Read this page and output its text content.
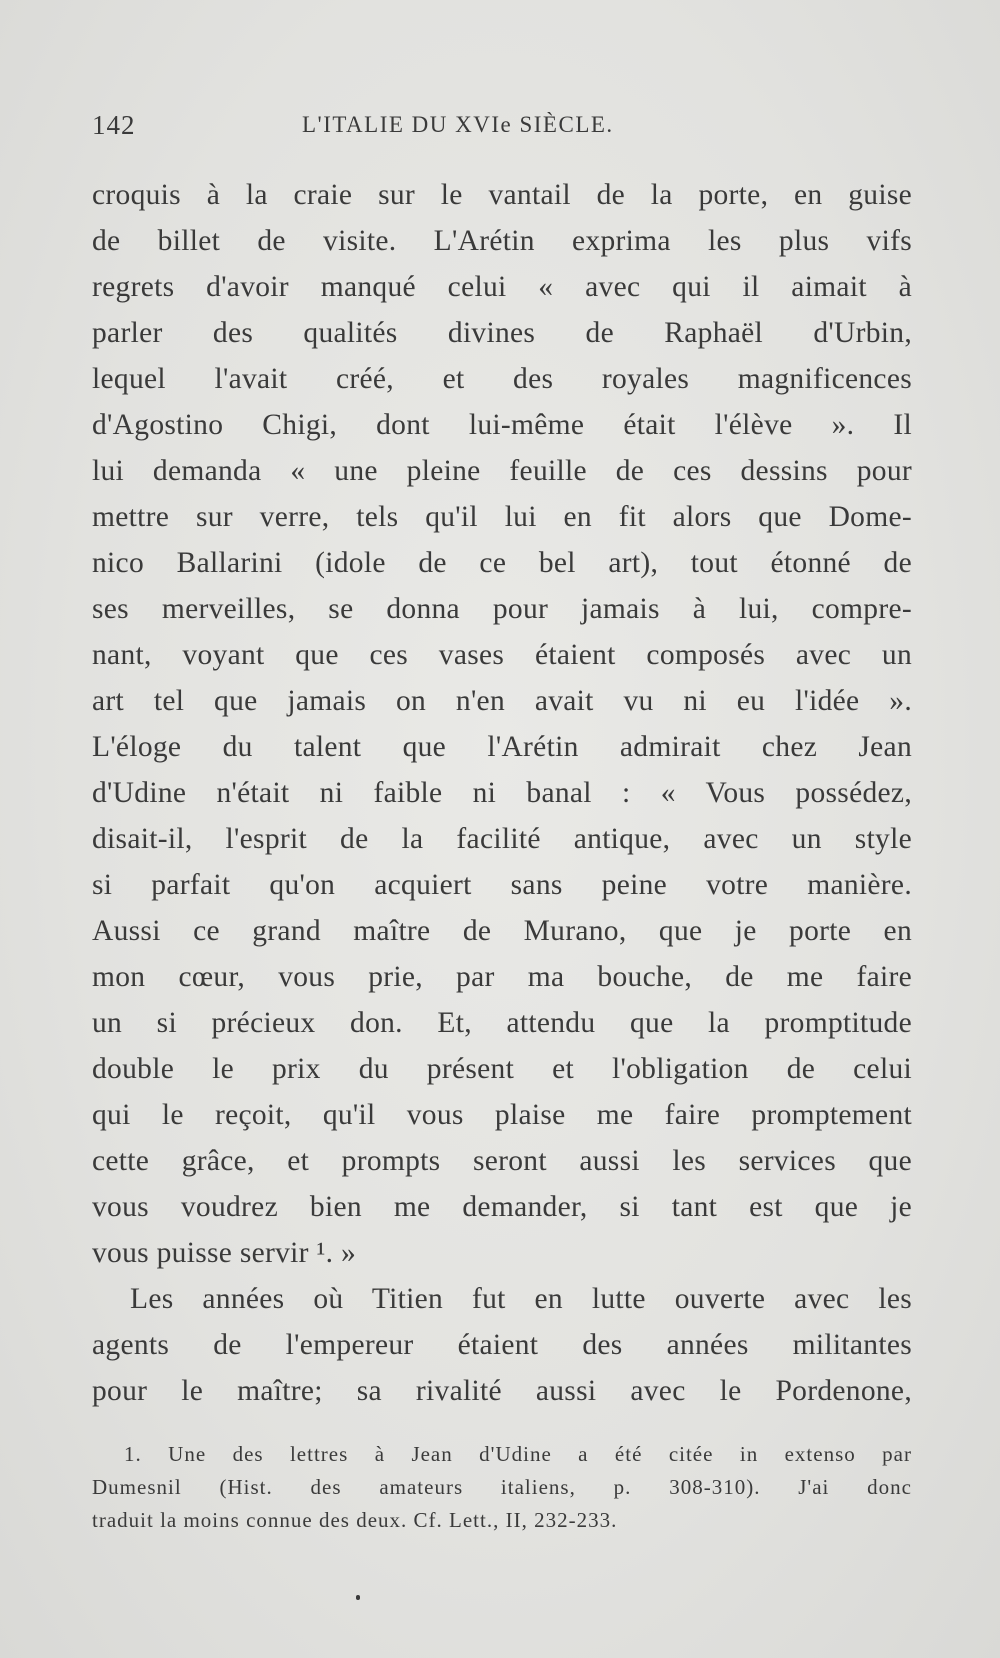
142	L'ITALIE DU XVIe SIÈCLE.
croquis à la craie sur le vantail de la porte, en guise
de billet de visite. L'Arétin exprima les plus vifs
regrets d'avoir manqué celui « avec qui il aimait à
parler des qualités divines de Raphaël d'Urbin,
lequel l'avait créé, et des royales magnificences
d'Agostino Chigi, dont lui-même était l'élève ». Il
lui demanda « une pleine feuille de ces dessins pour
mettre sur verre, tels qu'il lui en fit alors que Dome-
nico Ballarini (idole de ce bel art), tout étonné de
ses merveilles, se donna pour jamais à lui, compre-
nant, voyant que ces vases étaient composés avec un
art tel que jamais on n'en avait vu ni eu l'idée ».
L'éloge du talent que l'Arétin admirait chez Jean
d'Udine n'était ni faible ni banal : « Vous possédez,
disait-il, l'esprit de la facilité antique, avec un style
si parfait qu'on acquiert sans peine votre manière.
Aussi ce grand maître de Murano, que je porte en
mon cœur, vous prie, par ma bouche, de me faire
un si précieux don. Et, attendu que la promptitude
double le prix du présent et l'obligation de celui
qui le reçoit, qu'il vous plaise me faire promptement
cette grâce, et prompts seront aussi les services que
vous voudrez bien me demander, si tant est que je
vous puisse servir ¹. »
Les années où Titien fut en lutte ouverte avec les
agents de l'empereur étaient des années militantes
pour le maître; sa rivalité aussi avec le Pordenone,
1. Une des lettres à Jean d'Udine a été citée in extenso par
Dumesnil (Hist. des amateurs italiens, p. 308-310). J'ai donc
traduit la moins connue des deux. Cf. Lett., II, 232-233.
